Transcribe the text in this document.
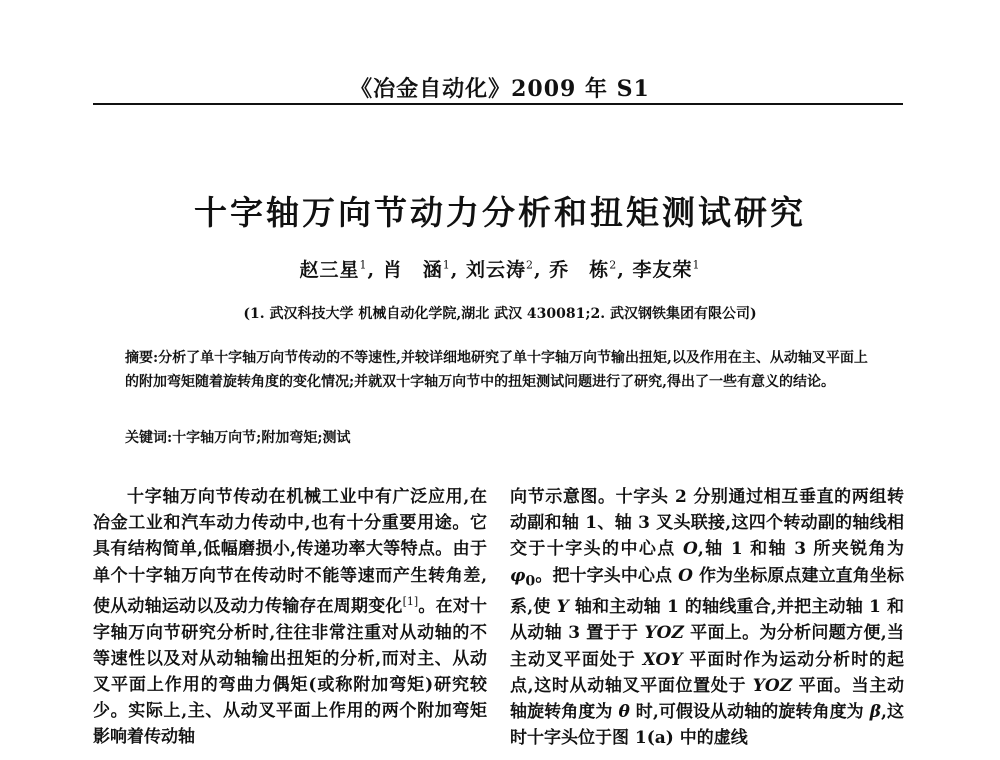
《冶金自动化》2009 年 S1
十字轴万向节动力分析和扭矩测试研究
赵三星$^1$, 肖　涵$^1$, 刘云涛$^2$, 乔　栋$^2$, 李友荣$^1$
(1. 武汉科技大学 机械自动化学院,湖北 武汉 430081;2. 武汉钢铁集团有限公司)
摘要:分析了单十字轴万向节传动的不等速性,并较详细地研究了单十字轴万向节输出扭矩,以及作用在主、从动轴叉平面上的附加弯矩随着旋转角度的变化情况;并就双十字轴万向节中的扭矩测试问题进行了研究,得出了一些有意义的结论。
关键词:十字轴万向节;附加弯矩;测试
十字轴万向节传动在机械工业中有广泛应用,在冶金工业和汽车动力传动中,也有十分重要用途。它具有结构简单,低幅磨损小,传递功率大等特点。由于单个十字轴万向节在传动时不能等速而产生转角差,使从动轴运动以及动力传输存在周期变化[1]。在对十字轴万向节研究分析时,往往非常注重对从动轴的不等速性以及对从动轴输出扭矩的分析,而对主、从动叉平面上作用的弯曲力偶矩(或称附加弯矩)研究较少。实际上,主、从动叉平面上作用的两个附加弯矩影响着传动轴
向节示意图。十字头 2 分别通过相互垂直的两组转动副和轴 1、轴 3 叉头联接,这四个转动副的轴线相交于十字头的中心点 O,轴 1 和轴 3 所夹锐角为 $\varphi_0$。把十字头中心点 O 作为坐标原点建立直角坐标系,使 Y 轴和主动轴 1 的轴线重合,并把主动轴 1 和从动轴 3 置于于 YOZ 平面上。为分析问题方便,当主动叉平面处于 XOY 平面时作为运动分析时的起点,这时从动轴叉平面位置处于 YOZ 平面。当主动轴旋转角度为 θ 时,可假设从动轴的旋转角度为 β,这时十字头位于图 1(a) 中的虚线
